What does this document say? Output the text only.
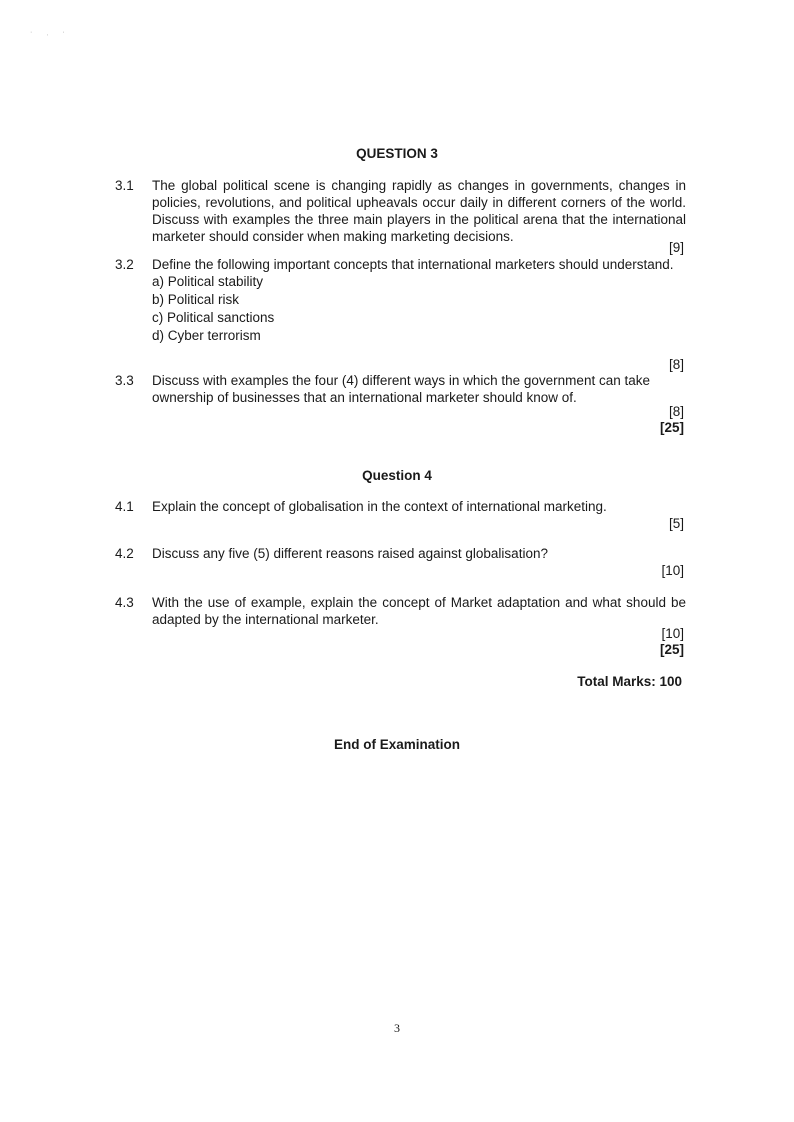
· ˌ ·
QUESTION 3
3.1	The global political scene is changing rapidly as changes in governments, changes in policies, revolutions, and political upheavals occur daily in different corners of the world. Discuss with examples the three main players in the political arena that the international marketer should consider when making marketing decisions.
[9]
3.2	Define the following important concepts that international marketers should understand.
a) Political stability
b) Political risk
c) Political sanctions
d) Cyber terrorism
[8]
3.3	Discuss with examples the four (4) different ways in which the government can take ownership of businesses that an international marketer should know of.
[8]
[25]
Question 4
4.1	Explain the concept of globalisation in the context of international marketing.
[5]
4.2	Discuss any five (5) different reasons raised against globalisation?
[10]
4.3	With the use of example, explain the concept of Market adaptation and what should be adapted by the international marketer.
[10]
[25]
Total Marks: 100
End of Examination
3
